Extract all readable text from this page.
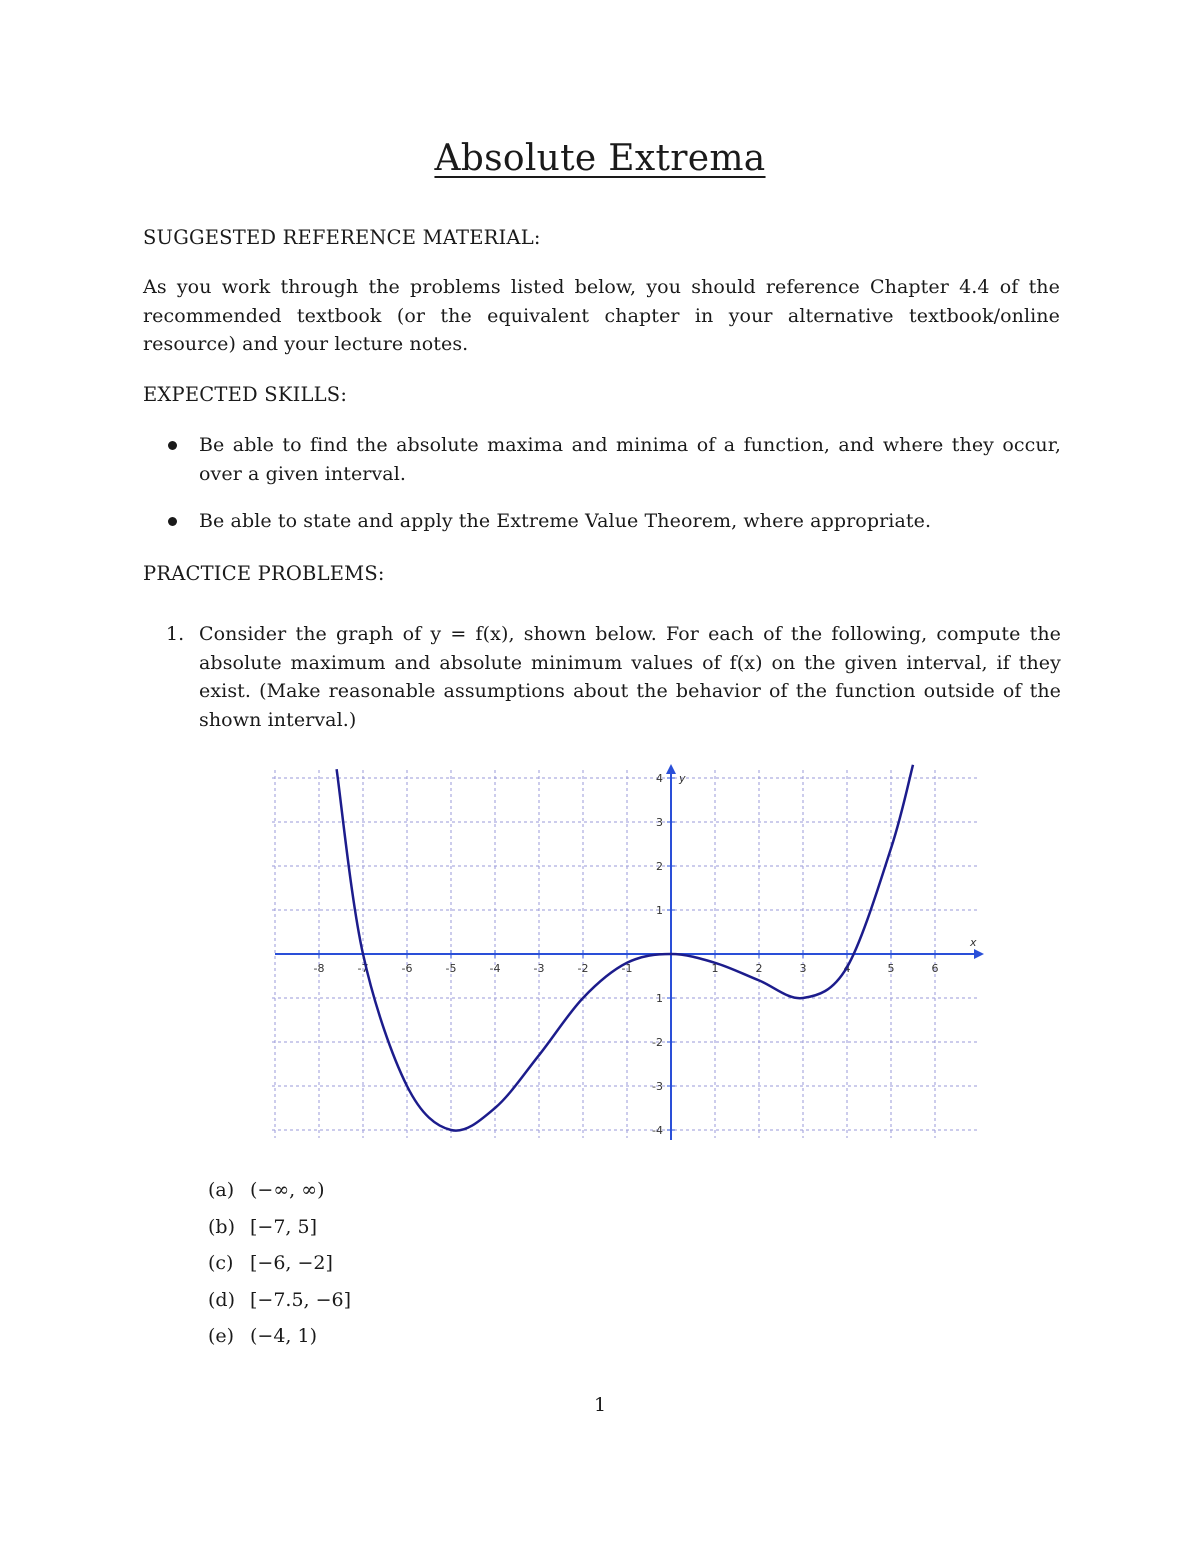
Absolute Extrema
SUGGESTED REFERENCE MATERIAL:

As you work through the problems listed below, you should reference Chapter 4.4 of the recommended textbook (or the equivalent chapter in your alternative textbook/online resource) and your lecture notes.

EXPECTED SKILLS:

Be able to find the absolute maxima and minima of a function, and where they occur, over a given interval.

Be able to state and apply the Extreme Value Theorem, where appropriate.

PRACTICE PROBLEMS:
1. Consider the graph of y = f(x), shown below. For each of the following, compute the absolute maximum and absolute minimum values of f(x) on the given interval, if they exist. (Make reasonable assumptions about the behavior of the function outside of the shown interval.)

x
y
-8	-7	-6	-5	-4	-3	-2	-1	1	2	3	4	5	6
4
3
2
1
1
-2
-3
-4
(a) (−∞, ∞)
(b) [−7, 5]
(c) [−6, −2]
(d) [−7.5, −6]
(e) (−4, 1)
1
